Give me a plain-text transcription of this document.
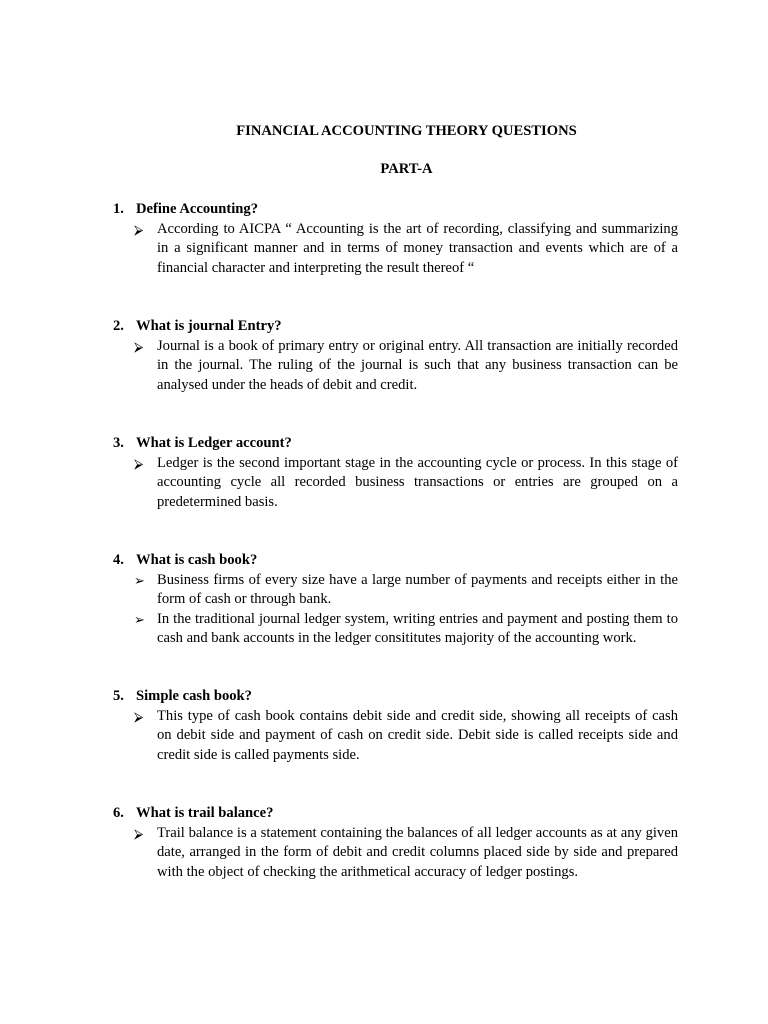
FINANCIAL ACCOUNTING THEORY QUESTIONS
PART-A
1. Define Accounting?
⮚ According to AICPA “ Accounting is the art of recording, classifying and summarizing in a significant manner and in terms of money transaction and events which are of a financial character and interpreting the result thereof “
2. What is journal Entry?
⮚ Journal is a book of primary entry or original entry. All transaction are initially recorded in the journal. The ruling of the journal is such that any business transaction can be analysed under the heads of debit and credit.
3. What is Ledger account?
⮚ Ledger is the second important stage in the accounting cycle or process. In this stage of accounting cycle all recorded business transactions or entries are grouped on a predetermined basis.
4. What is cash book?
➢ Business firms of every size have a large number of payments and receipts either in the form of cash or through bank.
➢ In the traditional journal ledger system, writing entries and payment and posting them to cash and bank accounts in the ledger consititutes majority of the accounting work.
5. Simple cash book?
⮚ This type of cash book contains debit side and credit side, showing all receipts of cash on debit side and payment of cash on credit side. Debit side is called receipts side and credit side is called payments side.
6. What is trail balance?
⮚ Trail balance is a statement containing the balances of all ledger accounts as at any given date, arranged in the form of debit and credit columns placed side by side and prepared with the object of checking the arithmetical accuracy of ledger postings.
